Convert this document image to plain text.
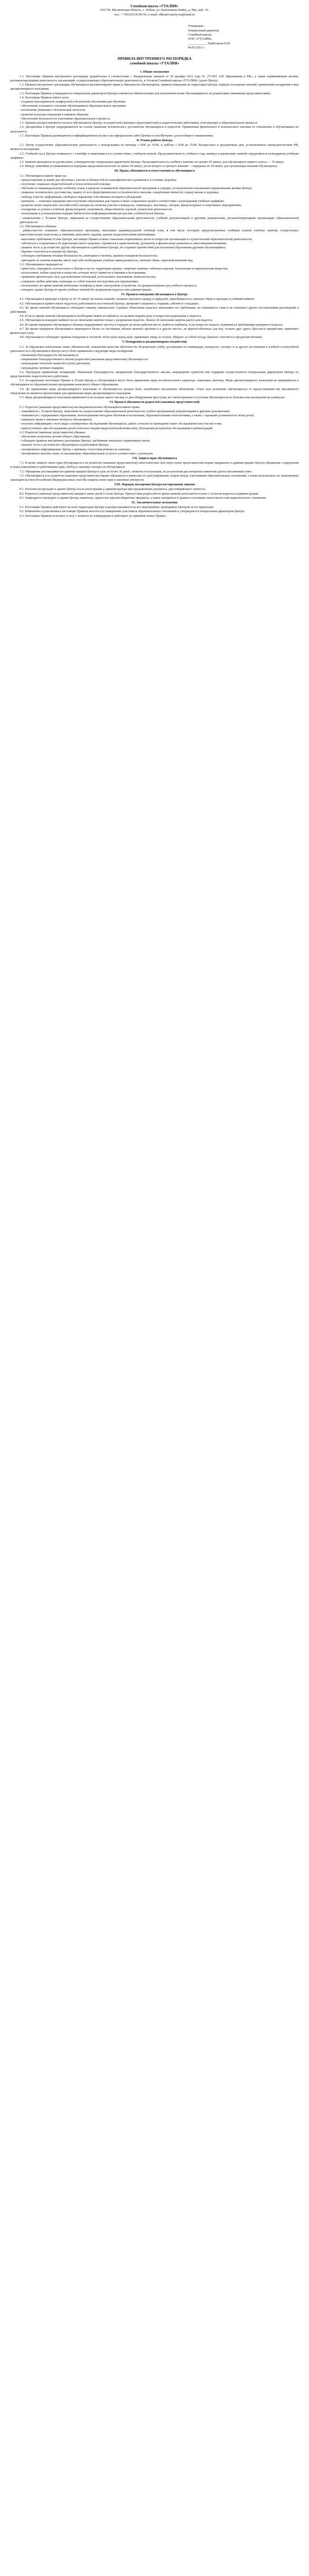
Семейная школа «УТАЛИЯ»
141730, Московская область, г. Лобня, ул. Батюшкова Бабка, д. 98а, каб. 16.
тел.: +7(916)710-90-56, e-mail: shkoprivatniycen@mail.ru
Утверждаю
Генеральный директор
Семейной школы
ООО «УТАЛИЯ»
____________ Грибоедова Н.И.
04.03.2021 г.
ПРАВИЛА ВНУТРЕННЕГО РАСПОРЯДКА
семейной школы «УТАЛИЯ»
I. Общие положения
1.1. Настоящие Правила внутреннего распорядка разработаны в соответствии с Федеральным законом от 29 декабря 2012 года № 273-ФЗ «Об образовании в РФ», а также нормативными актами, регламентирующими деятельность организаций, осуществляющих образовательную деятельность, и Уставом Семейной школы «УТАЛИЯ» (далее Центр).
1.2. Правила внутреннего распорядка обучающихся регламентируют права и обязанности обучающихся, правила поведения на территории Центра, порядок посещения занятий, применения поощрений и мер дисциплинарного взыскания.
1.3. Настоящие Правила утверждаются генеральным директором Центра и являются обязательными для исполнения всеми обучающимися и их родителями (законными представителями).
1.4. Настоящие Правила имеют цель:
- создание благоприятной, комфортной и безопасной обстановки для обучения;
- обеспечение успешного освоения обучающимися образовательных программ;
- воспитание уважения к человеческой личности;
- развитие культуры поведения и навыков общения;
- обеспечение безопасности участников образовательного процесса.
1.5. Правила распространяются на всех обучающихся Центра, их родителей (законных представителей) и педагогических работников, участвующих в образовательном процессе.
1.6. Дисциплина в Центре поддерживается на основе уважения человеческого достоинства обучающихся и педагогов. Применение физического и психического насилия по отношению к обучающимся не допускается.
1.7. Настоящие Правила размещаются в информационном уголке и на официальном сайте Центра в сети Интернет для всеобщего ознакомления.
II. Режим работы Центра
2.1. Центр осуществляет образовательную деятельность с понедельника по пятницу с 8:00 до 19:00, в субботу с 9:00 до 15:00. Воскресенье и праздничные дни, установленные законодательством РФ, являются выходными.
2.2. Учебный год в Центре начинается 1 сентября и заканчивается в соответствии с учебным планом. Продолжительность учебного года, каникул и расписание занятий определяются календарным учебным графиком.
2.3. Занятия проводятся по расписанию, утвержденному генеральным директором Центра. Продолжительность учебного занятия составляет 45 минут, для обучающихся первого класса — 35 минут.
2.4. Между занятиями устанавливаются перерывы продолжительностью не менее 10 минут, после второго и третьего занятий — перерывы по 20 минут для организации питания обучающихся.
III. Права, обязанности и ответственность обучающихся
3.1. Обучающиеся имеют право на:
- предоставление условий для обучения с учетом особенностей их психофизического развития и состояния здоровья;
- получение социально-педагогической и психологической помощи;
- обучение по индивидуальному учебному плану в пределах осваиваемой образовательной программы в порядке, установленном локальными нормативными актами Центра;
- уважение человеческого достоинства, защиту от всех форм физического и психического насилия, оскорбления личности, охрану жизни и здоровья;
- свободу совести, информации, свободное выражение собственных взглядов и убеждений;
- каникулы — плановые перерывы при получении образования для отдыха и иных социальных целей в соответствии с календарным учебным графиком;
- развитие своих творческих способностей и интересов, включая участие в конкурсах, олимпиадах, выставках, смотрах, физкультурных и спортивных мероприятиях;
- поощрение за успехи в учебной, физкультурной, спортивной, общественной, научной, творческой деятельности;
- пользование в установленном порядке библиотечно-информационными ресурсами, учебной базой Центра;
- ознакомление с Уставом Центра, лицензией на осуществление образовательной деятельности, учебной документацией и другими документами, регламентирующими организацию образовательной деятельности.
3.2. Обучающиеся обязаны:
- добросовестно осваивать образовательную программу, выполнять индивидуальный учебный план, в том числе посещать предусмотренные учебным планом учебные занятия, осуществлять самостоятельную подготовку к занятиям, выполнять задания, данные педагогическими работниками;
- выполнять требования Устава Центра, настоящих Правил и иных локальных нормативных актов по вопросам организации и осуществления образовательной деятельности;
- заботиться о сохранении и об укреплении своего здоровья, стремиться к нравственному, духовному и физическому развитию и самосовершенствованию;
- уважать честь и достоинство других обучающихся и работников Центра, не создавать препятствий для получения образования другими обучающимися;
- бережно относиться к имуществу Центра;
- соблюдать требования техники безопасности, санитарии и гигиены, правила пожарной безопасности;
- приходить на занятия вовремя, иметь при себе необходимые учебные принадлежности, сменную обувь, опрятный внешний вид.
3.3. Обучающимся запрещается:
- приносить, передавать, использовать в Центре и на его территории оружие, спиртные напитки, табачные изделия, токсические и наркотические вещества;
- использовать любые средства и вещества, которые могут привести к взрывам и возгораниям;
- применять физическую силу для выяснения отношений, использовать запугивание, вымогательство;
- совершать любые действия, влекущие за собой опасные последствия для окружающих;
- использовать во время занятий мобильные телефоны и иные электронные устройства, не предназначенные для учебного процесса;
- покидать здание Центра во время учебных занятий без разрешения педагога или администрации.
IV. Правила поведения обучающихся в Центре
4.1. Обучающиеся приходят в Центр за 10–15 минут до начала занятий, снимают верхнюю одежду в гардеробе, переобуваются в сменную обувь и проходят в учебный кабинет.
4.2. Обучающиеся приветствуют педагогов, работников и посетителей Центра, проявляют уважение к старшим, заботятся о младших.
4.3. Во время занятий обучающиеся соблюдают тишину, внимательно слушают объяснения педагога, выполняют его требования, не отвлекаются сами и не отвлекают других посторонними разговорами и действиями.
4.4. Если во время занятий обучающемуся необходимо выйти из кабинета, он должен поднять руку и попросить разрешения у педагога.
4.5. Обучающиеся покидают кабинет после окончания занятия только с разрешения педагога. Звонок об окончании занятия дается для педагога.
4.6. Во время перерывов обучающиеся обязаны поддерживать чистоту и порядок на своем рабочем месте, выйти из кабинета, если попросит педагог, подчиняться требованиям дежурного педагога.
4.7. Во время перерывов обучающимся запрещается бегать по лестницам, вблизи оконных проемов и в других местах, не приспособленных для игр, толкать друг друга, бросаться предметами, применять физическую силу.
4.8. Обучающиеся соблюдают правила поведения в столовой: моют руки перед едой, принимают пищу за столом, убирают за собой посуду, бережно относятся к продуктам питания.
V. Поощрения и дисциплинарное воздействие
5.1. За образцовое выполнение своих обязанностей, повышение качества обученности, безупречную учебу, достижения на олимпиадах, конкурсах, смотрах и за другие достижения в учебной и внеучебной деятельности к обучающимся Центра могут быть применены следующие виды поощрений:
- объявление благодарности обучающемуся;
- направление благодарственного письма родителям (законным представителям) обучающегося;
- награждение почетной грамотой и (или) дипломом;
- награждение ценным подарком.
5.2. Процедура применения поощрений: объявление благодарности, направление благодарственного письма, награждение грамотой или подарком осуществляется генеральным директором Центра по представлению педагогического работника.
5.3. За нарушение настоящих Правил и Устава Центра к обучающимся могут быть применены меры воспитательного характера: замечание, выговор. Меры дисциплинарного взыскания не применяются к обучающимся по образовательным программам начального общего образования.
5.4. До применения меры дисциплинарного взыскания от обучающегося должно быть затребовано письменное объяснение. Отказ или уклонение обучающегося от предоставления им письменного объяснения не является препятствием для применения меры дисциплинарного взыскания.
5.5. Мера дисциплинарного взыскания применяется не позднее одного месяца со дня обнаружения проступка, не считая времени отсутствия обучающегося по болезни или нахождения на каникулах.
VI. Права и обязанности родителей (законных представителей)
6.1. Родители (законные представители) несовершеннолетних обучающихся имеют право:
- знакомиться с Уставом Центра, лицензией на осуществление образовательной деятельности, учебно-программной документацией и другими документами;
- знакомиться с содержанием образования, используемыми методами обучения и воспитания, образовательными технологиями, а также с оценками успеваемости своих детей;
- защищать права и законные интересы обучающихся;
- получать информацию о всех видах планируемых обследований обучающихся, давать согласие на проведение таких обследований или участие в них;
- присутствовать при обследовании детей психолого-медико-педагогической комиссией, обсуждении результатов обследования и рекомендаций.
6.2. Родители (законные представители) обязаны:
- обеспечить получение детьми общего образования;
- соблюдать правила внутреннего распорядка Центра, требования локальных нормативных актов;
- уважать честь и достоинство обучающихся и работников Центра;
- своевременно информировать Центр о причинах отсутствия ребенка на занятиях;
- своевременно вносить плату за оказываемые образовательные услуги в соответствии с договором.
VII. Защита прав обучающихся
7.1. В целях защиты своих прав обучающиеся и их родители (законные представители) самостоятельно или через своих представителей вправе направлять в администрацию Центра обращения о нарушении и (или) ущемлении ее работниками прав, свобод и законных интересов обучающихся.
7.2. Обращение рассматривается администрацией Центра в срок не более 30 дней с момента поступления, по результатам рассмотрения заявителю дается письменный ответ.
7.3. Обучающиеся и их родители (законные представители) вправе обращаться в комиссию по урегулированию споров между участниками образовательных отношений, а также использовать не запрещенные законодательством Российской Федерации иные способы защиты своих прав и законных интересов.
VIII. Порядок посещения Центра посторонними лицами
8.1. Посетители проходят в здание Центра после регистрации у администратора при предъявлении документа, удостоверяющего личность.
8.2. Родители (законные представители) ожидают своих детей в холле Центра. Присутствие родителей во время занятий допускается только с согласия педагога и администрации.
8.3. Запрещается проводить в здание Центра животных, приносить крупногабаритные предметы, а также находиться в здании в состоянии алкогольного или наркотического опьянения.
IX. Заключительные положения
9.1. Настоящие Правила действуют на всей территории Центра и распространяются на все мероприятия, проводимые Центром за его пределами.
9.2. Изменения и дополнения в настоящие Правила вносятся по инициативе участников образовательных отношений и утверждаются генеральным директором Центра.
9.3. Настоящие Правила вступают в силу с момента их утверждения и действуют до принятия новых Правил.
